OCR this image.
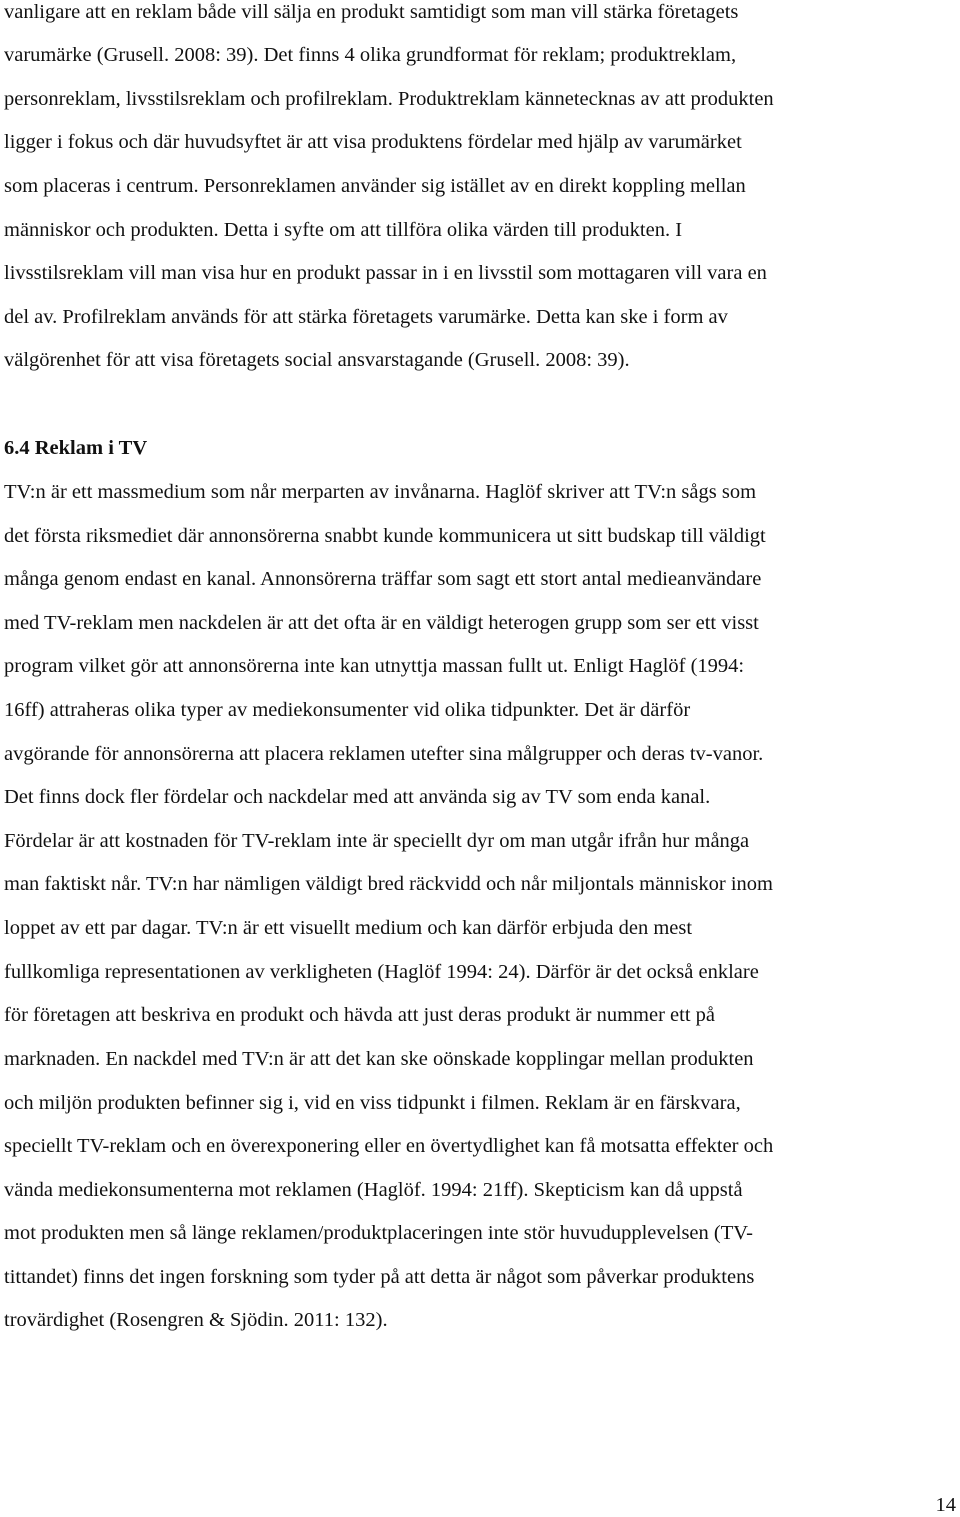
vanligare att en reklam både vill sälja en produkt samtidigt som man vill stärka företagets
varumärke (Grusell. 2008: 39). Det finns 4 olika grundformat för reklam; produktreklam,
personreklam, livsstilsreklam och profilreklam. Produktreklam kännetecknas av att produkten
ligger i fokus och där huvudsyftet är att visa produktens fördelar med hjälp av varumärket
som placeras i centrum. Personreklamen använder sig istället av en direkt koppling mellan
människor och produkten. Detta i syfte om att tillföra olika värden till produkten. I
livsstilsreklam vill man visa hur en produkt passar in i en livsstil som mottagaren vill vara en
del av. Profilreklam används för att stärka företagets varumärke. Detta kan ske i form av
välgörenhet för att visa företagets social ansvarstagande (Grusell. 2008: 39).
6.4 Reklam i TV
TV:n är ett massmedium som når merparten av invånarna. Haglöf skriver att TV:n sågs som
det första riksmediet där annonsörerna snabbt kunde kommunicera ut sitt budskap till väldigt
många genom endast en kanal. Annonsörerna träffar som sagt ett stort antal medieanvändare
med TV-reklam men nackdelen är att det ofta är en väldigt heterogen grupp som ser ett visst
program vilket gör att annonsörerna inte kan utnyttja massan fullt ut. Enligt Haglöf (1994:
16ff) attraheras olika typer av mediekonsumenter vid olika tidpunkter. Det är därför
avgörande för annonsörerna att placera reklamen utefter sina målgrupper och deras tv-vanor.
Det finns dock fler fördelar och nackdelar med att använda sig av TV som enda kanal.
Fördelar är att kostnaden för TV-reklam inte är speciellt dyr om man utgår ifrån hur många
man faktiskt når. TV:n har nämligen väldigt bred räckvidd och når miljontals människor inom
loppet av ett par dagar. TV:n är ett visuellt medium och kan därför erbjuda den mest
fullkomliga representationen av verkligheten (Haglöf 1994: 24). Därför är det också enklare
för företagen att beskriva en produkt och hävda att just deras produkt är nummer ett på
marknaden. En nackdel med TV:n är att det kan ske oönskade kopplingar mellan produkten
och miljön produkten befinner sig i, vid en viss tidpunkt i filmen. Reklam är en färskvara,
speciellt TV-reklam och en överexponering eller en övertydlighet kan få motsatta effekter och
vända mediekonsumenterna mot reklamen (Haglöf. 1994: 21ff). Skepticism kan då uppstå
mot produkten men så länge reklamen/produktplaceringen inte stör huvudupplevelsen (TV-
tittandet) finns det ingen forskning som tyder på att detta är något som påverkar produktens
trovärdighet (Rosengren & Sjödin. 2011: 132).
14
